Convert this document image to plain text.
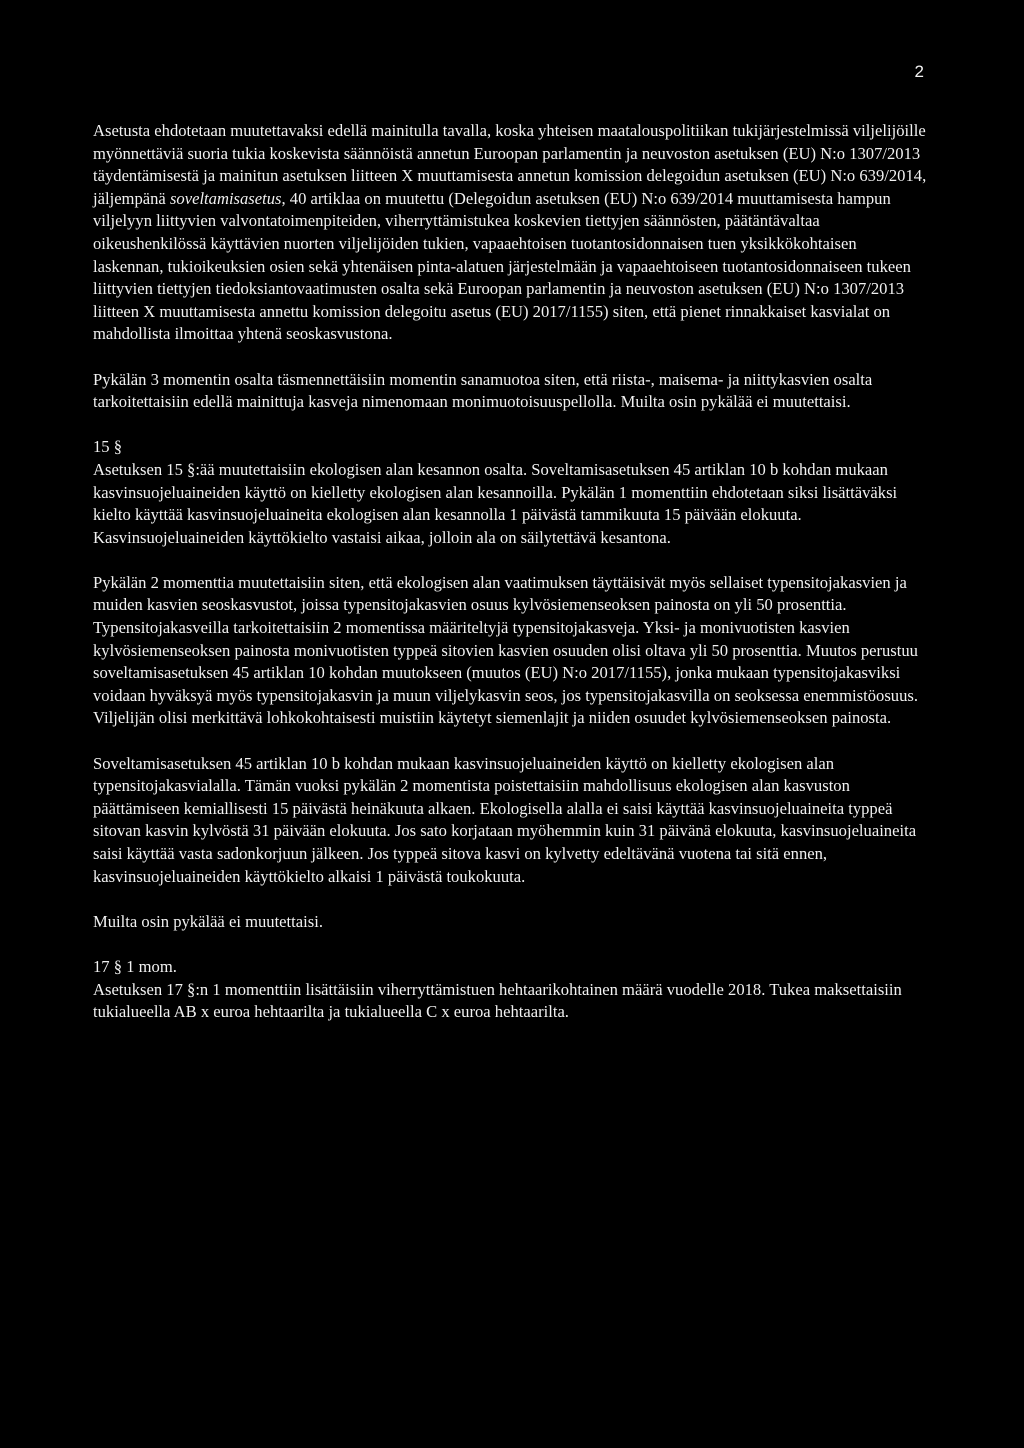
2

Asetusta ehdotetaan muutettavaksi edellä mainitulla tavalla, koska yhteisen maatalouspolitiikan tukijärjestelmissä viljelijöille myönnettäviä suoria tukia koskevista säännöistä annetun Euroopan parlamentin ja neuvoston asetuksen (EU) N:o 1307/2013 täydentämisestä ja mainitun asetuksen liitteen X muuttamisesta annetun komission delegoidun asetuksen (EU) N:o 639/2014, jäljempänä soveltamisasetus, 40 artiklaa on muutettu (Delegoidun asetuksen (EU) N:o 639/2014 muuttamisesta hampun viljelyyn liittyvien valvontatoimenpiteiden, viherryttämistukea koskevien tiettyjen säännösten, päätäntävaltaa oikeushenkilössä käyttävien nuorten viljelijöiden tukien, vapaaehtoisen tuotantosidonnaisen tuen yksikkökohtaisen laskennan, tukioikeuksien osien sekä yhtenäisen pinta-alatuen järjestelmään ja vapaaehtoiseen tuotantosidonnaiseen tukeen liittyvien tiettyjen tiedoksiantovaatimusten osalta sekä Euroopan parlamentin ja neuvoston asetuksen (EU) N:o 1307/2013 liitteen X muuttamisesta annettu komission delegoitu asetus (EU) 2017/1155) siten, että pienet rinnakkaiset kasvialat on mahdollista ilmoittaa yhtenä seoskasvustona.

Pykälän 3 momentin osalta täsmennettäisiin momentin sanamuotoa siten, että riista-, maisema- ja niittykasvien osalta tarkoitettaisiin edellä mainittuja kasveja nimenomaan monimuotoisuuspellolla. Muilta osin pykälää ei muutettaisi.

15 §

Asetuksen 15 §:ää muutettaisiin ekologisen alan kesannon osalta. Soveltamisasetuksen 45 artiklan 10 b kohdan mukaan kasvinsuojeluaineiden käyttö on kielletty ekologisen alan kesannoilla. Pykälän 1 momenttiin ehdotetaan siksi lisättäväksi kielto käyttää kasvinsuojeluaineita ekologisen alan kesannolla 1 päivästä tammikuuta 15 päivään elokuuta. Kasvinsuojeluaineiden käyttökielto vastaisi aikaa, jolloin ala on säilytettävä kesantona.

Pykälän 2 momenttia muutettaisiin siten, että ekologisen alan vaatimuksen täyttäisivät myös sellaiset typensitojakasvien ja muiden kasvien seoskasvustot, joissa typensitojakasvien osuus kylvösiemenseoksen painosta on yli 50 prosenttia. Typensitojakasveilla tarkoitettaisiin 2 momentissa määriteltyjä typensitojakasveja. Yksi- ja monivuotisten kasvien kylvösiemenseoksen painosta monivuotisten typpeä sitovien kasvien osuuden olisi oltava yli 50 prosenttia. Muutos perustuu soveltamisasetuksen 45 artiklan 10 kohdan muutokseen (muutos (EU) N:o 2017/1155), jonka mukaan typensitojakasviksi voidaan hyväksyä myös typensitojakasvin ja muun viljelykasvin seos, jos typensitojakasvilla on seoksessa enemmistöosuus. Viljelijän olisi merkittävä lohkokohtaisesti muistiin käytetyt siemenlajit ja niiden osuudet kylvösiemenseoksen painosta.

Soveltamisasetuksen 45 artiklan 10 b kohdan mukaan kasvinsuojeluaineiden käyttö on kielletty ekologisen alan typensitojakasvialalla. Tämän vuoksi pykälän 2 momentista poistettaisiin mahdollisuus ekologisen alan kasvuston päättämiseen kemiallisesti 15 päivästä heinäkuuta alkaen. Ekologisella alalla ei saisi käyttää kasvinsuojeluaineita typpeä sitovan kasvin kylvöstä 31 päivään elokuuta. Jos sato korjataan myöhemmin kuin 31 päivänä elokuuta, kasvinsuojeluaineita saisi käyttää vasta sadonkorjuun jälkeen. Jos typpeä sitova kasvi on kylvetty edeltävänä vuotena tai sitä ennen, kasvinsuojeluaineiden käyttökielto alkaisi 1 päivästä toukokuuta.

Muilta osin pykälää ei muutettaisi.

17 § 1 mom.

Asetuksen 17 §:n 1 momenttiin lisättäisiin viherryttämistuen hehtaarikohtainen määrä vuodelle 2018. Tukea maksettaisiin tukialueella AB x euroa hehtaarilta ja tukialueella C x euroa hehtaarilta.
